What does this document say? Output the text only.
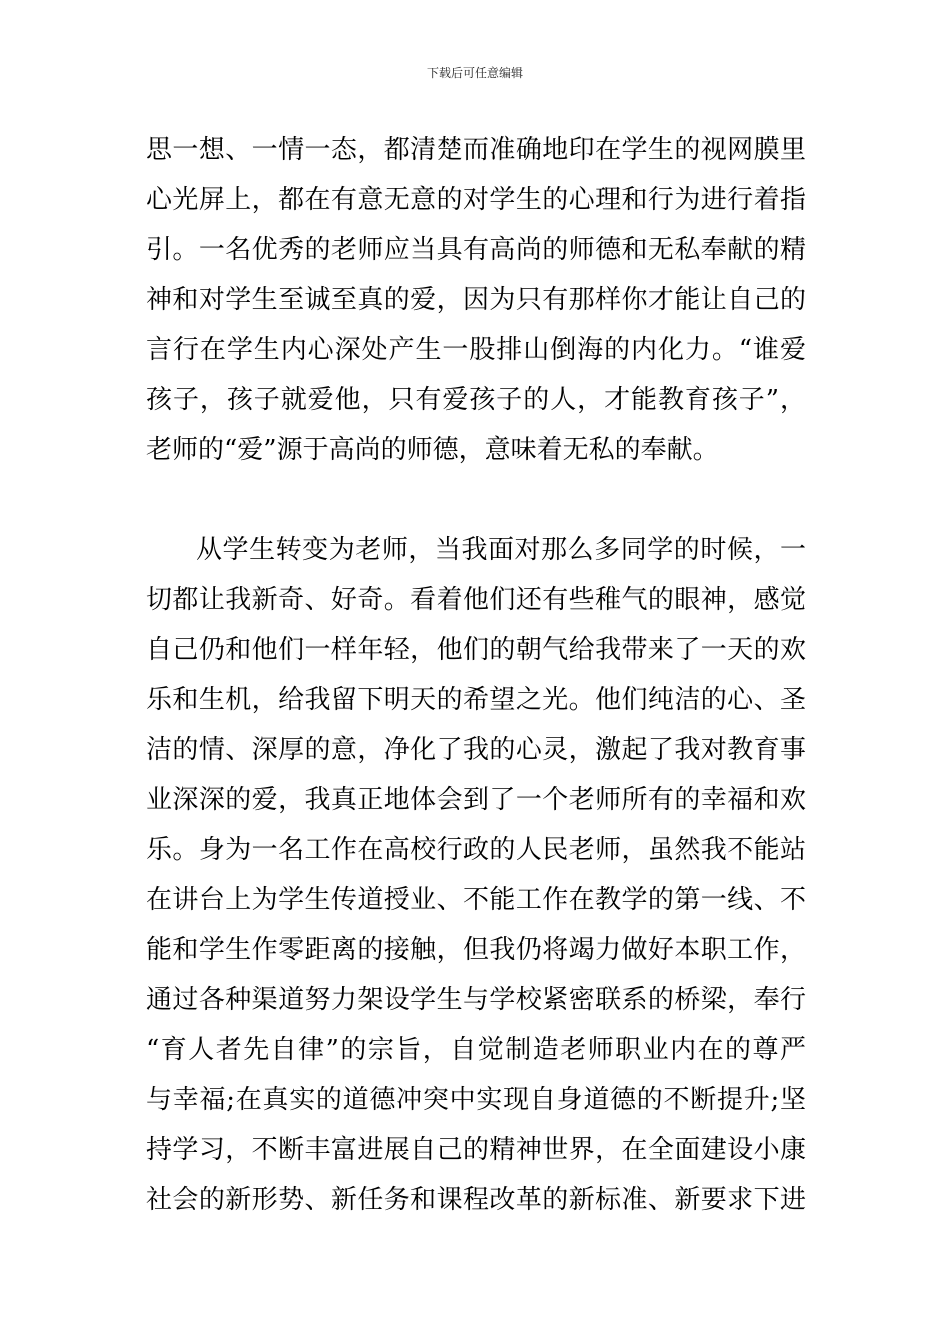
下载后可任意编辑
思一想、一情一态，都清楚而准确地印在学生的视网膜里
心光屏上，都在有意无意的对学生的心理和行为进行着指
引。一名优秀的老师应当具有高尚的师德和无私奉献的精
神和对学生至诚至真的爱，因为只有那样你才能让自己的
言行在学生内心深处产生一股排山倒海的内化力。“谁爱
孩子，孩子就爱他，只有爱孩子的人，才能教育孩子”，
老师的“爱”源于高尚的师德，意味着无私的奉献。
从学生转变为老师，当我面对那么多同学的时候，一
切都让我新奇、好奇。看着他们还有些稚气的眼神，感觉
自己仍和他们一样年轻，他们的朝气给我带来了一天的欢
乐和生机，给我留下明天的希望之光。他们纯洁的心、圣
洁的情、深厚的意，净化了我的心灵，激起了我对教育事
业深深的爱，我真正地体会到了一个老师所有的幸福和欢
乐。身为一名工作在高校行政的人民老师，虽然我不能站
在讲台上为学生传道授业、不能工作在教学的第一线、不
能和学生作零距离的接触，但我仍将竭力做好本职工作，
通过各种渠道努力架设学生与学校紧密联系的桥梁，奉行
“育人者先自律”的宗旨，自觉制造老师职业内在的尊严
与幸福;在真实的道德冲突中实现自身道德的不断提升;坚
持学习，不断丰富进展自己的精神世界，在全面建设小康
社会的新形势、新任务和课程改革的新标准、新要求下进
